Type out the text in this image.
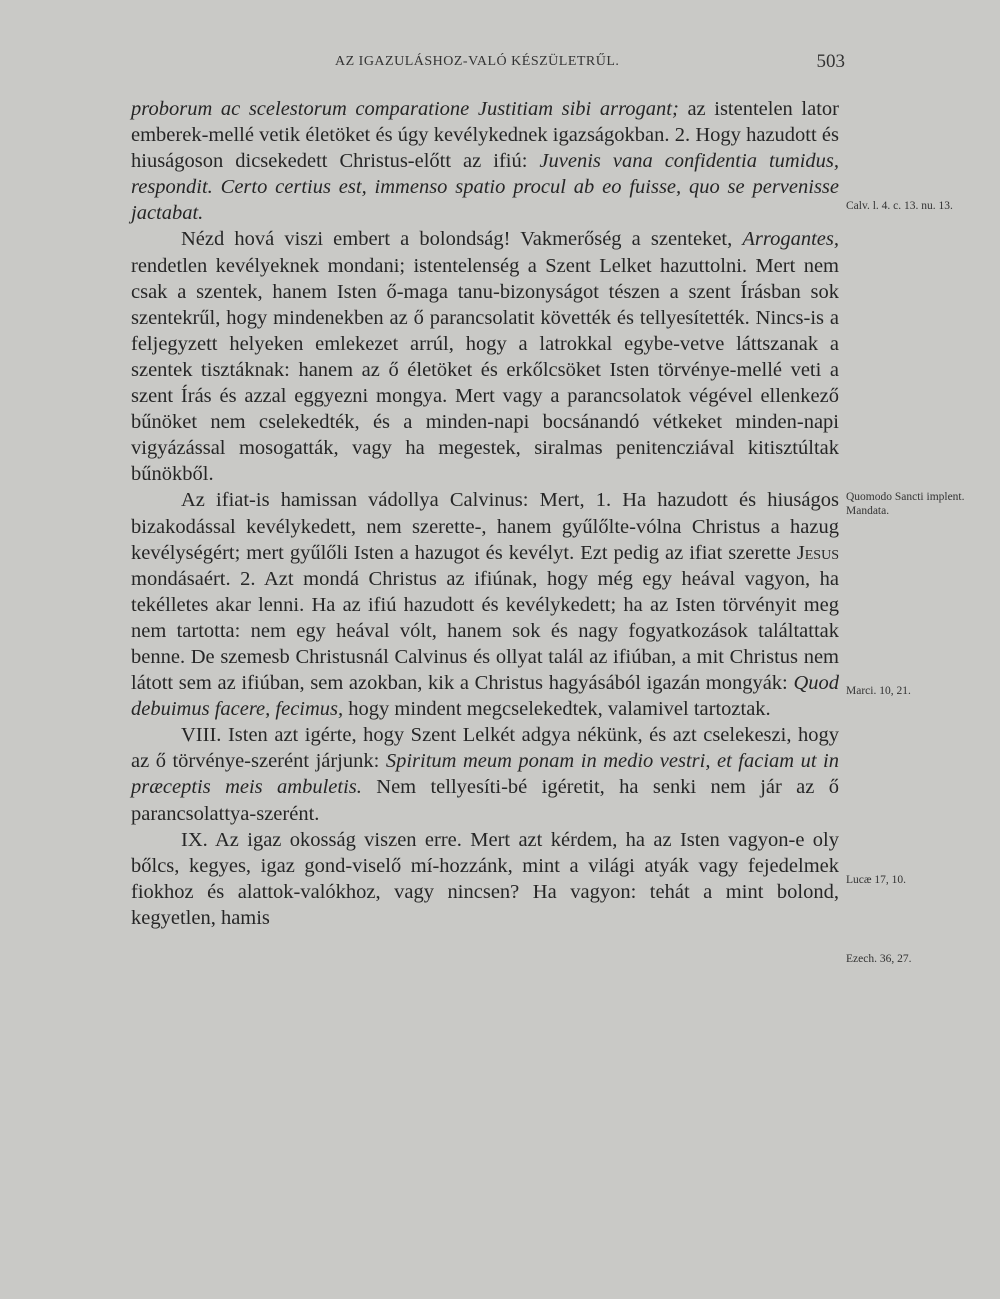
AZ IGAZULÁSHOZ-VALÓ KÉSZÜLETRŰL.	503

proborum ac scelestorum comparatione Justitiam sibi arrogant; az istentelen lator emberek-mellé vetik életöket és úgy kevélykednek igazságokban. 2. Hogy hazudott és hiuságoson dicsekedett Christus-előtt az ifiú: Juvenis vana confidentia tumidus, respondit. Certo certius est, immenso spatio procul ab eo fuisse, quo se pervenisse jactabat.

Nézd hová viszi embert a bolondság! Vakmerőség a szenteket, Arrogantes, rendetlen kevélyeknek mondani; istentelenség a Szent Lelket hazuttolni. Mert nem csak a szentek, hanem Isten ő-maga tanu-bizonyságot tészen a szent Írásban sok szentekrűl, hogy mindenekben az ő parancsolatit követték és tellyesítették. Nincs-is a feljegyzett helyeken emlekezet arrúl, hogy a latrokkal egybe-vetve láttszanak a szentek tisztáknak: hanem az ő életöket és erkőlcsöket Isten törvénye-mellé veti a szent Írás és azzal eggyezni mongya. Mert vagy a parancsolatok végével ellenkező bűnöket nem cselekedték, és a minden-napi bocsánandó vétkeket minden-napi vigyázással mosogatták, vagy ha megestek, siralmas penitencziával kitisztúltak bűnökből.

Az ifiat-is hamissan vádollya Calvinus: Mert, 1. Ha hazudott és hiuságos bizakodással kevélykedett, nem szerette-, hanem gyűlőlte-vólna Christus a hazug kevélységért; mert gyűlőli Isten a hazugot és kevélyt. Ezt pedig az ifiat szerette Jesus mondásaért. 2. Azt mondá Christus az ifiúnak, hogy még egy heával vagyon, ha tekélletes akar lenni. Ha az ifiú hazudott és kevélykedett; ha az Isten törvényit meg nem tartotta: nem egy heával vólt, hanem sok és nagy fogyatkozások találtattak benne. De szemesb Christusnál Calvinus és ollyat talál az ifiúban, a mit Christus nem látott sem az ifiúban, sem azokban, kik a Christus hagyásából igazán mongyák: Quod debuimus facere, fecimus, hogy mindent megcselekedtek, valamivel tartoztak.

VIII. Isten azt igérte, hogy Szent Lelkét adgya nékünk, és azt cselekeszi, hogy az ő törvénye-szerént járjunk: Spiritum meum ponam in medio vestri, et faciam ut in præceptis meis ambuletis. Nem tellyesíti-bé igéretit, ha senki nem jár az ő parancsolattya-szerént.

IX. Az igaz okosság viszen erre. Mert azt kérdem, ha az Isten vagyon-e oly bőlcs, kegyes, igaz gond-viselő mí-hozzánk, mint a világi atyák vagy fejedelmek fiokhoz és alattok-valókhoz, vagy nincsen? Ha vagyon: tehát a mint bolond, kegyetlen, hamis

Calv. l. 4. c. 13. nu. 13.
Quomodo Sancti implent. Mandata.
Marci. 10, 21.
Lucæ 17, 10.
Ezech. 36, 27.
